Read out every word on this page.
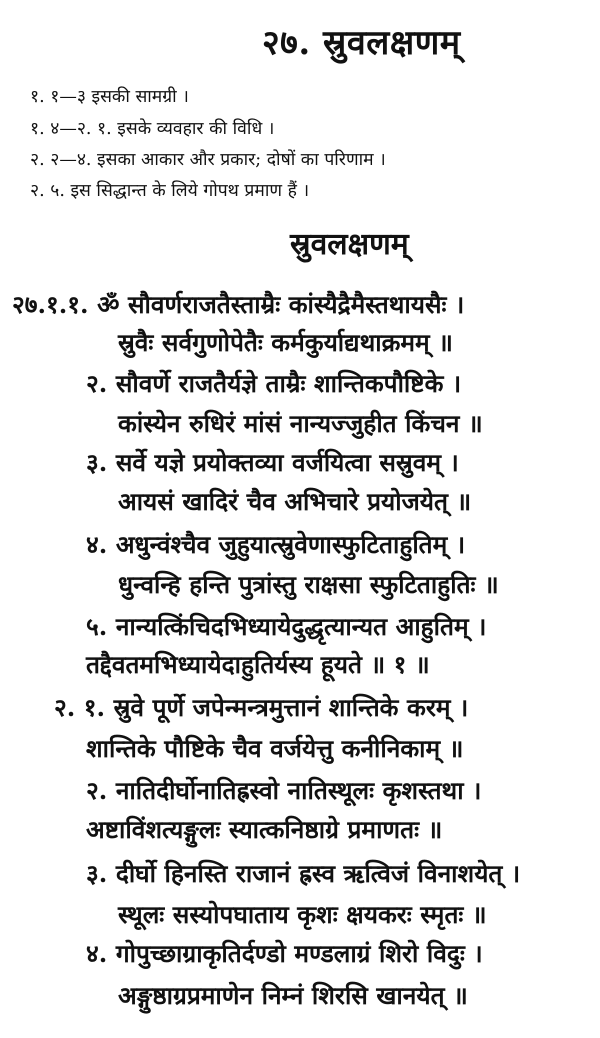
२७. स्रुवलक्षणम्
१. १—३ इसकी सामग्री ।
१. ४—२. १. इसके व्यवहार की विधि ।
२. २—४. इसका आकार और प्रकार; दोषों का परिणाम ।
२. ५. इस सिद्धान्त के लिये गोपथ प्रमाण हैं ।
स्रुवलक्षणम्
२७.१.१. ॐ सौवर्णराजतैस्ताम्रैः कांस्यैद्रैमैस्तथायसैः ।
स्रुवैः सर्वगुणोपेतैः कर्मकुर्याद्यथाक्रमम् ॥
२. सौवर्णे राजतैर्यज्ञे ताम्रैः शान्तिकपौष्टिके ।
कांस्येन रुधिरं मांसं नान्यज्जुहीत किंचन ॥
३. सर्वे यज्ञे प्रयोक्तव्या वर्जयित्वा सस्रुवम् ।
आयसं खादिरं चैव अभिचारे प्रयोजयेत् ॥
४. अधुन्वंश्चैव जुहुयात्स्रुवेणास्फुटिताहुतिम् ।
धुन्वन्हि हन्ति पुत्रांस्तु राक्षसा स्फुटिताहुतिः ॥
५. नान्यत्किंचिदभिध्यायेदुद्धृत्यान्यत आहुतिम् ।
तद्दैवतमभिध्यायेदाहुतिर्यस्य हूयते ॥ १ ॥
२. १. स्रुवे पूर्णे जपेन्मन्त्रमुत्तानं शान्तिके करम् ।
शान्तिके पौष्टिके चैव वर्जयेत्तु कनीनिकाम् ॥
२. नातिदीर्घोनातिह्रस्वो नातिस्थूलः कृशस्तथा ।
अष्टाविंशत्यङ्गुलः स्यात्कनिष्ठाग्रे प्रमाणतः ॥
३. दीर्घो हिनस्ति राजानं ह्रस्व ऋत्विजं विनाशयेत् ।
स्थूलः सस्योपघाताय कृशः क्षयकरः स्मृतः ॥
४. गोपुच्छाग्राकृतिर्दण्डो मण्डलाग्रं शिरो विदुः ।
अङ्गुष्ठाग्रप्रमाणेन निम्नं शिरसि खानयेत् ॥
